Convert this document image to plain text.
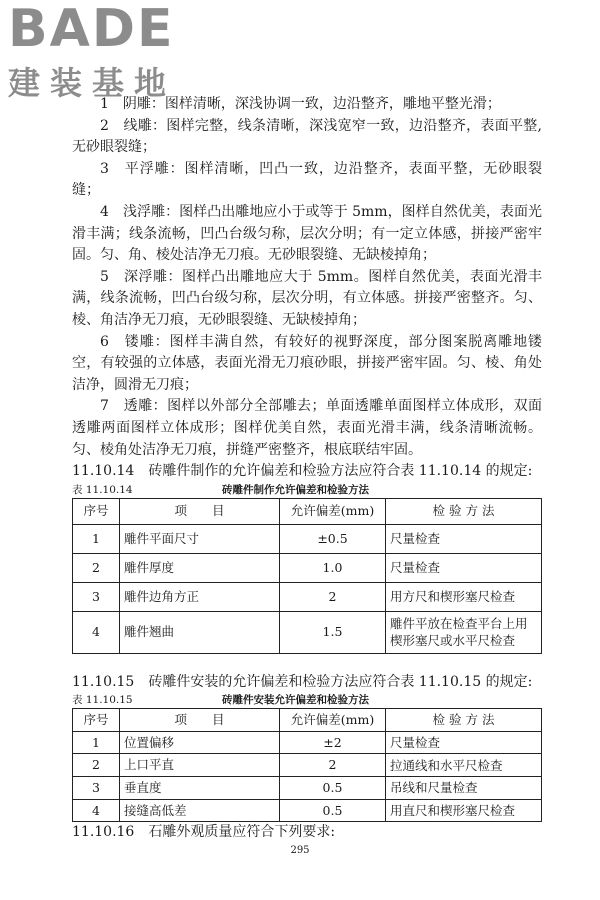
BADE
建装基地

1　阴雕：图样清晰，深浅协调一致，边沿整齐，雕地平整光滑；

2　线雕：图样完整，线条清晰，深浅宽窄一致，边沿整齐，表面平整,无砂眼裂缝；

3　平浮雕：图样清晰，凹凸一致，边沿整齐，表面平整，无砂眼裂缝；

4　浅浮雕：图样凸出雕地应小于或等于 5mm，图样自然优美，表面光滑丰满；线条流畅，凹凸台级匀称，层次分明；有一定立体感，拼接严密牢固。匀、角、棱处洁净无刀痕。无砂眼裂缝、无缺棱掉角；

5　深浮雕：图样凸出雕地应大于 5mm。图样自然优美，表面光滑丰满，线条流畅，凹凸台级匀称，层次分明，有立体感。拼接严密整齐。匀、棱、角洁净无刀痕，无砂眼裂缝、无缺棱掉角；

6　镂雕：图样丰满自然，有较好的视野深度，部分图案脱离雕地镂空，有较强的立体感，表面光滑无刀痕砂眼，拼接严密牢固。匀、棱、角处洁净，圆滑无刀痕；

7　透雕：图样以外部分全部雕去；单面透雕单面图样立体成形，双面透雕两面图样立体成形；图样优美自然，表面光滑丰满，线条清晰流畅。匀、棱角处洁净无刀痕，拼缝严密整齐，根底联结牢固。

11.10.14　砖雕件制作的允许偏差和检验方法应符合表 11.10.14 的规定:

表 11.10.14	砖雕件制作允许偏差和检验方法
序号	项　　目	允许偏差(mm)	检 验 方 法
1	雕件平面尺寸	±0.5	尺量检查
2	雕件厚度	1.0	尺量检查
3	雕件边角方正	2	用方尺和楔形塞尺检查
4	雕件翘曲	1.5	雕件平放在检查平台上用楔形塞尺或水平尺检查

11.10.15　砖雕件安装的允许偏差和检验方法应符合表 11.10.15 的规定:

表 11.10.15	砖雕件安装允许偏差和检验方法
序号	项　　目	允许偏差(mm)	检 验 方 法
1	位置偏移	±2	尺量检查
2	上口平直	2	拉通线和水平尺检查
3	垂直度	0.5	吊线和尺量检查
4	接缝高低差	0.5	用直尺和楔形塞尺检查

11.10.16　石雕外观质量应符合下列要求:

295
